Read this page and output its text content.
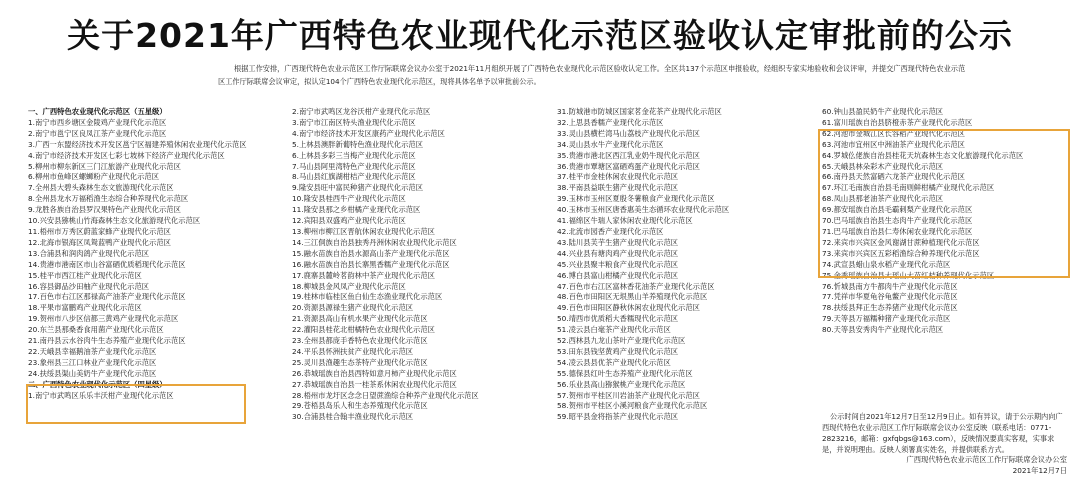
关于2021年广西特色农业现代化示范区验收认定审批前的公示
根据工作安排，广西现代特色农业示范区工作厅际联席会议办公室于2021年11月组织开展了广西特色农业现代化示范区验收认定工作。全区共137个示范区申报验收，经组织专家实地验收和会议评审，并提交广西现代特色农业示范区工作厅际联席会议审定，拟认定104个广西特色农业现代化示范区，现将具体名单予以审批前公示。
一、广西特色农业现代化示范区（五星级）
1.南宁市西乡塘区金陵鸡产业现代化示范区
2.南宁市邕宁区良凤江茶产业现代化示范区
3.广西一东盟经济技术开发区邕宁区福建养殖休闲农业现代化示范区
4.南宁市经济技术开发区七彩七坡林下经济产业现代化示范区
5.柳州市柳东新区三门江旅游产业现代化示范区
6.柳州市鱼峰区螺蛳粉产业现代化示范区
7.全州县大碧头森林生态文旅游现代化示范区
8.全州县龙水万福稻渔生态综合种养现代化示范区
9.龙胜各族自治县罗汉果特色产业现代化示范区
10.兴安县猕桃山竹海森林生态文化旅游现代化示范区
11.梧州市万秀区蔚蓝家蜂产业现代化示范区
12.北海市银海区凤鸳蓝鸭产业现代化示范区
13.合浦县和润肉鸽产业现代化示范区
14.贵港市港南区市山谷富硒优质稻现代化示范区
15.桂平市西江桂产业现代化示范区
16.容县御品沙田柚产业现代化示范区
17.百色市右江区那禄高产油茶产业现代化示范区
18.平果市富鹏鸡产业现代化示范区
19.贺州市八步区信都三黄鸡产业现代化示范区
20.东兰县那桑香食用菌产业现代化示范区
21.南丹县云水谷肉牛生态养殖产业现代化示范区
22.天峨县幸福鹅油茶产业现代化示范区
23.象州县三江口林业产业现代化示范区
24.扶绥县渠山美奶牛产业现代化示范区
二、广西特色农业现代化示范区（四星级）
1.南宁市武鸣区乐乐丰沃柑产业现代化示范区
2.南宁市武鸣区龙谷沃柑产业现代化示范区
3.南宁市江南区特头渔业现代化示范区
4.南宁市经济技术开发区康药产业现代化示范区
5.上林县澳胖新葡特色渔业现代化示范区
6.上林县多彩三当梅产业现代化示范区
7.马山县阿里湾特色产业现代化示范区
8.马山县红旗湖柑桔产业现代化示范区
9.隆安县旺中富民种猪产业现代化示范区
10.隆安县桂西牛产业现代化示范区
11.隆安县那之乡柑橘产业现代化示范区
12.宾阳县双盛鸡产业现代化示范区
13.柳州市柳江区晋航休闲农业现代化示范区
14.三江侗族自治县独秀丹洲休闲农业现代化示范区
15.融水苗族自治县水源高山茶产业现代化示范区
16.融水苗族自治县长寨黑香糯产业现代化示范区
17.鹿寨县麓岭茗韵林中茶产业现代化示范区
18.柳城县金风凤产业现代化示范区
19.桂林市临桂区鱼白仙生态渔业现代化示范区
20.资源县源禄生猪产业现代化示范区
21.资源县高山有机水果产业现代化示范区
22.灌阳县桂花北柑橘特色农业现代化示范区
23.全州县都庞手香特色农业现代化示范区
24.平乐县怀洲扶贫产业现代化示范区
25.灵川县渔趣生态茶特产业现代化示范区
26.恭城瑶族自治县西特如意月柿产业现代化示范区
27.恭城瑶族自治县一桂茶系休闲农业现代化示范区
28.梧州市龙圩区念念日望蔗渔综合种养产业现代化示范区
29.苍梧县岛乐人和生态养殖现代化示范区
30.合浦县桂合翰丰渔业现代化示范区
31.防城港市防城区国家茗金花茶产业现代化示范区
32.上思县香糯产业现代化示范区
33.灵山县横栏湾马山荔枝产业现代化示范区
34.灵山县水牛产业现代化示范区
35.贵港市港北区西江乳业奶牛现代化示范区
36.贵港市覃塘区富硒鸡蛋产业现代化示范区
37.桂平市金桂休闲农业现代化示范区
38.平南县益联生猪产业现代化示范区
39.玉林市玉州区夏殷冬薯粮食产业现代化示范区
40.玉林市玉州区唐香惠美生态循环农业现代化示范区
41.福绵区牛瑞人家休闲农业现代化示范区
42.北流市园香产业现代化示范区
43.陆川县芙芋生猪产业现代化示范区
44.兴业县有塘肉鸡产业现代化示范区
45.兴业县聚丰粮食产业现代化示范区
46.博白县富山柑橘产业现代化示范区
47.百色市右江区富林香花油茶产业现代化示范区
48.百色市田阳区无垠黑山羊养殖现代化示范区
49.百色市田阳区静秋休闲农业现代化示范区
50.靖西市优质稻大香糯现代化示范区
51.凌云县白毫茶产业现代化示范区
52.西林县九龙山茶叶产业现代化示范区
53.田东县钱坚黄鸡产业现代化示范区
54.凌云县县优茶产业现代化示范区
55.德保县红叶生态养殖产业现代化示范区
56.乐业县高山猕猴桃产业现代化示范区
57.贺州市平桂区川岩油茶产业现代化示范区
58.贺州市平桂区小溪河粮食产业现代化示范区
59.昭平县金将指茶产业现代化示范区
60.钟山县盈民奶牛产业现代化示范区
61.富川瑶族自治县脐橙赤茶产业现代化示范区
62.河池市金城江区长容稻产业现代化示范区
63.河池市宜州区中洲油茶产业现代化示范区
64.罗城仫佬族自治县桂花天坑森林生态文化旅游现代化示范区
65.天峨县林朵彩木产业现代化示范区
66.南丹县天然富硒六龙茶产业现代化示范区
67.环江毛南族自治县毛南则鲜柑橘产业现代化示范区
68.凤山县那老油茶产业现代化示范区
69.都安瑶族自治县毛霸刺梨产业现代化示范区
70.巴马瑶族自治县生态肉牛产业现代化示范区
71.巴马瑶族自治县仁寿休闲农业现代化示范区
72.来宾市兴宾区金风谢湖甘蔗种植现代化示范区
73.来宾市兴宾区五彩稻渔综合种养现代化示范区
74.武宣县蜡山泉水稻产业现代化示范区
75.金秀瑶族自治县大瑶山大苗红桔种养现代化示范区
76.忻城县南方牛都肉牛产业现代化示范区
77.凭祥市华夏龟谷龟鳖产业现代化示范区
78.扶绥县拜正生态养猪产业现代化示范区
79.天等县万福糯种猪产业现代化示范区
80.天等县安秀肉牛产业现代化示范区
公示时间自2021年12月7日至12月9日止。如有异议，请于公示期内向广西现代特色农业示范区工作厅际联席会议办公室反映（联系电话：0771-2823216，邮箱：gxfqbgs@163.com），反映情况要真实客观，实事求是，并说明理由。反映人须署真实姓名，并提供联系方式。
广西现代特色农业示范区工作厅际联席会议办公室
2021年12月7日
